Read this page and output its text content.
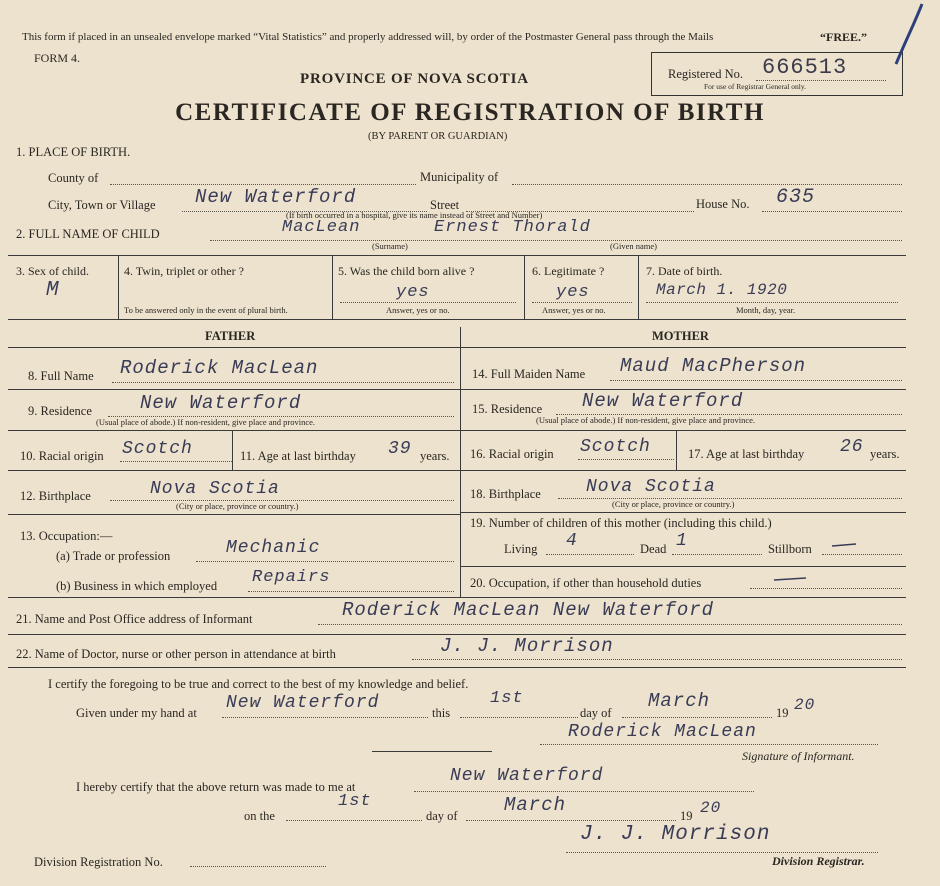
This form if placed in an unsealed envelope marked “Vital Statistics” and properly addressed will, by order of the Postmaster General pass through the Mails	“FREE.”
FORM 4.
PROVINCE OF NOVA SCOTIA
CERTIFICATE OF REGISTRATION OF BIRTH
(BY PARENT OR GUARDIAN)
Registered No. 666513
For use of Registrar General only.
1. PLACE OF BIRTH.
County of	Municipality of
City, Town or Village New Waterford	Street	House No. 635
(If birth occurred in a hospital, give its name instead of Street and Number)
2. FULL NAME OF CHILD	MacLean	Ernest Thorald
(Surname)	(Given name)
3. Sex of child.
M
4. Twin, triplet or other ?
To be answered only in the event of plural birth.
5. Was the child born alive ?
yes
Answer, yes or no.
6. Legitimate ?
yes
Answer, yes or no.
7. Date of birth.
March 1. 1920
Month, day, year.
FATHER	MOTHER
8. Full Name Roderick MacLean
9. Residence	New Waterford
(Usual place of abode.) If non-resident, give place and province.
10. Racial origin Scotch	11. Age at last birthday 39 years.
12. Birthplace	Nova Scotia
(City or place, province or country.)
13. Occupation:—
(a) Trade or profession	Mechanic
(b) Business in which employed Repairs
14. Full Maiden Name Maud MacPherson
15. Residence New Waterford
(Usual place of abode.) If non-resident, give place and province.
16. Racial origin Scotch	17. Age at last birthday 26 years.
18. Birthplace	Nova Scotia
(City or place, province or country.)
19. Number of children of this mother (including this child.)
Living 4	Dead 1	Stillborn
20. Occupation, if other than household duties
21. Name and Post Office address of Informant	Roderick MacLean New Waterford
22. Name of Doctor, nurse or other person in attendance at birth	J. J. Morrison
I certify the foregoing to be true and correct to the best of my knowledge and belief.
Given under my hand at New Waterford	this
1st
day of
March
19 20
Roderick MacLean
Signature of Informant.
I hereby certify that the above return was made to me at
New Waterford
on the
1st
day of March	19 20
Division Registration No.
J. J. Morrison
Division Registrar.
